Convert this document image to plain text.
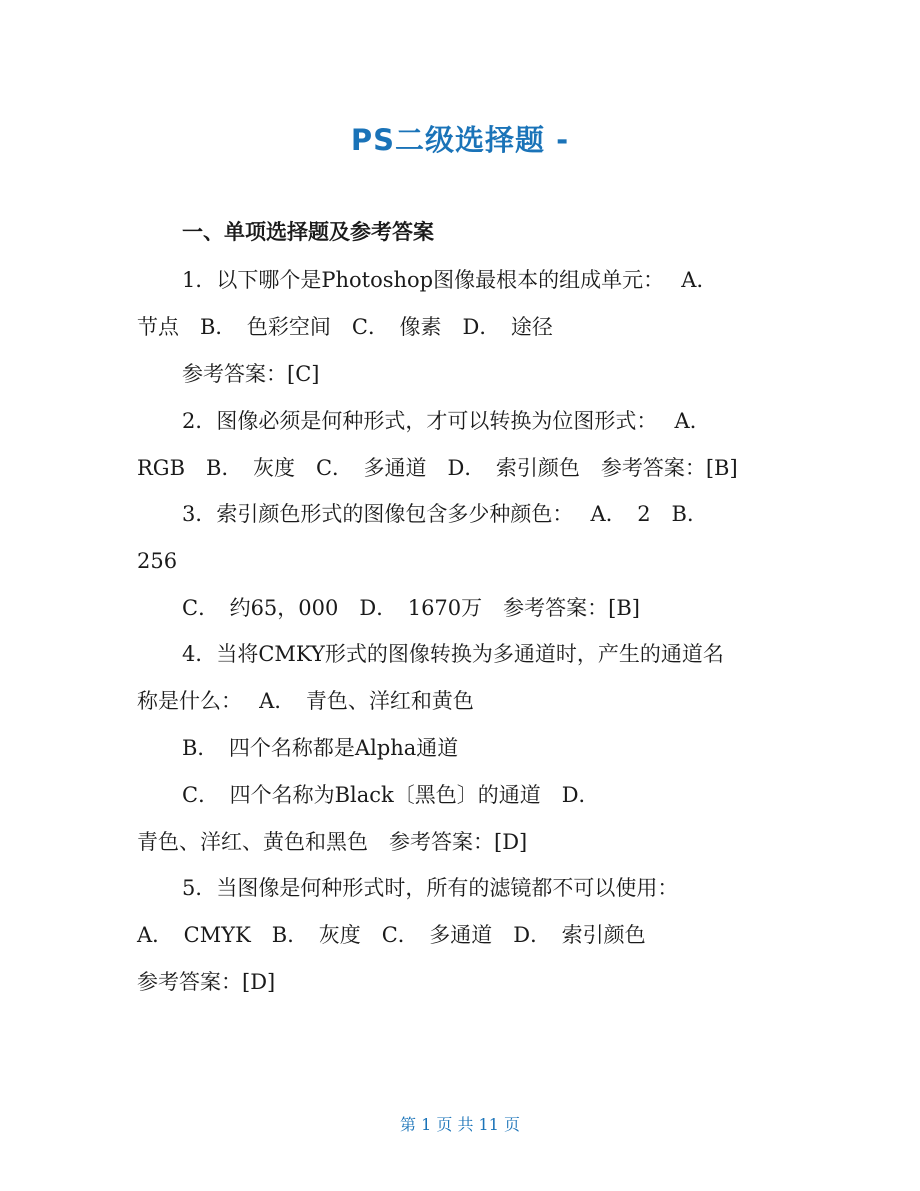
PS二级选择题 -
一、单项选择题及参考答案
1．以下哪个是Photoshop图像最根本的组成单元：　 A．
节点　B．　色彩空间　C．　像素　D．　途径
参考答案：[C]
2．图像必须是何种形式，才可以转换为位图形式：　 A．
RGB　B．　灰度　C．　多通道　D．　索引颜色　参考答案：[B]
3．索引颜色形式的图像包含多少种颜色：　 A．　2　B．
256
C．　约65，000　D．　1670万　参考答案：[B]
4．当将CMKY形式的图像转换为多通道时，产生的通道名
称是什么：　 A．　青色、洋红和黄色
B．　四个名称都是Alpha通道
C．　四个名称为Black〔黑色〕的通道　D．
青色、洋红、黄色和黑色　参考答案：[D]
5．当图像是何种形式时，所有的滤镜都不可以使用：
A．　CMYK　B．　灰度　C．　多通道　D．　索引颜色
参考答案：[D]
第 1 页 共 11 页
